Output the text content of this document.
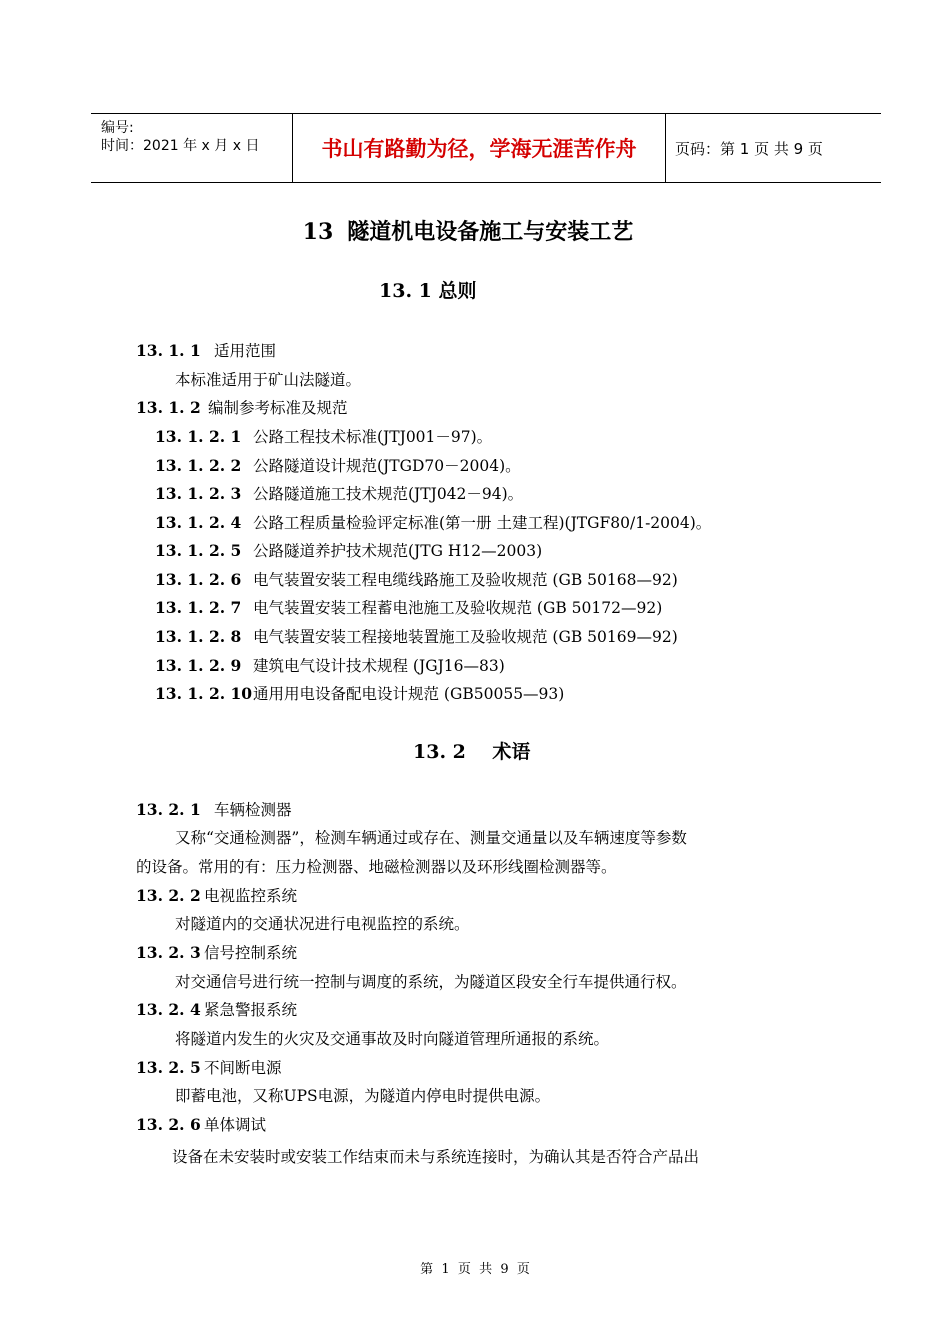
编号:
时间：2021 年 x 月 x 日	书山有路勤为径，学海无涯苦作舟	页码：第 1 页 共 9 页
13 隧道机电设备施工与安装工艺
13. 1 总则
13. 1. 1 适用范围
本标准适用于矿山法隧道。
13. 1. 2 编制参考标准及规范
13. 1. 2. 1 公路工程技术标准(JTJ001－97)。
13. 1. 2. 2 公路隧道设计规范(JTGD70－2004)。
13. 1. 2. 3 公路隧道施工技术规范(JTJ042－94)。
13. 1. 2. 4 公路工程质量检验评定标准(第一册 土建工程)(JTGF80/1-2004)。
13. 1. 2. 5 公路隧道养护技术规范(JTG H12—2003)
13. 1. 2. 6 电气装置安装工程电缆线路施工及验收规范 (GB 50168—92)
13. 1. 2. 7 电气装置安装工程蓄电池施工及验收规范 (GB 50172—92)
13. 1. 2. 8 电气装置安装工程接地装置施工及验收规范 (GB 50169—92)
13. 1. 2. 9 建筑电气设计技术规程 (JGJ16—83)
13. 1. 2. 10通用用电设备配电设计规范 (GB50055—93)
13. 2    术语
13. 2. 1 车辆检测器
又称“交通检测器”，检测车辆通过或存在、测量交通量以及车辆速度等参数
的设备。常用的有：压力检测器、地磁检测器以及环形线圈检测器等。
13. 2. 2 电视监控系统
对隧道内的交通状况进行电视监控的系统。
13. 2. 3 信号控制系统
对交通信号进行统一控制与调度的系统，为隧道区段安全行车提供通行权。
13. 2. 4 紧急警报系统
将隧道内发生的火灾及交通事故及时向隧道管理所通报的系统。
13. 2. 5 不间断电源
即蓄电池，又称UPS电源，为隧道内停电时提供电源。
13. 2. 6 单体调试
设备在未安装时或安装工作结束而未与系统连接时，为确认其是否符合产品出
第  1  页  共  9  页
